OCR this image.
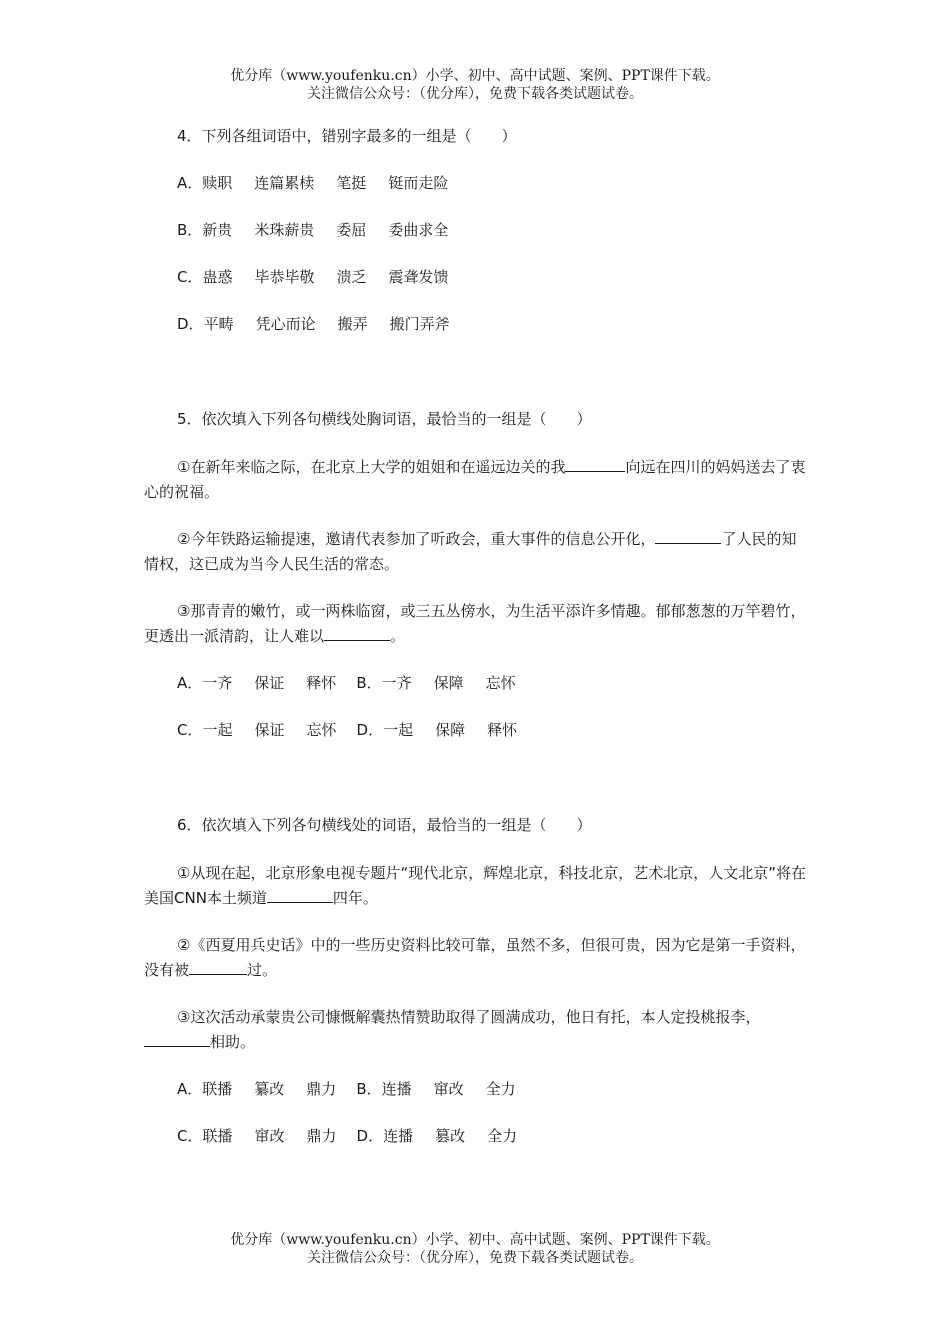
优分库（www.youfenku.cn）小学、初中、高中试题、案例、PPT课件下载。
关注微信公众号：（优分库），免费下载各类试题试卷。
4．下列各组词语中，错别字最多的一组是（　　）
A．赎职 连篇累椟 笔挺 铤而走险
B．新贵 米珠薪贵 委屈 委曲求全
C．蛊惑 毕恭毕敬 溃乏 震聋发馈
D．平畴 凭心而论 搬弄 搬门弄斧
5．依次填入下列各句横线处胸词语，最恰当的一组是（　　）
①在新年来临之际，在北京上大学的姐姐和在遥远边关的我	向远在四川的妈妈送去了衷心的祝福。
②今年铁路运输提速，邀请代表参加了听政会，重大事件的信息公开化，	了人民的知情权，这已成为当今人民生活的常态。
③那青青的嫩竹，或一两株临窗，或三五丛傍水，为生活平添许多情趣。郁郁葱葱的万竿碧竹，更透出一派清韵，让人难以	。
A．一齐 保证 释怀 B．一齐 保障 忘怀
C．一起 保证 忘怀 D．一起 保障 释怀
6．依次填入下列各句横线处的词语，最恰当的一组是（　　）
①从现在起，北京形象电视专题片“现代北京，辉煌北京，科技北京，艺术北京，人文北京”将在美国CNN本土频道	四年。
②《西夏用兵史话》中的一些历史资料比较可靠，虽然不多，但很可贵，因为它是第一手资料，没有被	过。
③这次活动承蒙贵公司慷慨解囊热情赞助取得了圆满成功，他日有托，本人定投桃报李，相助。
A．联播 纂改 鼎力 B．连播 窜改 全力
C．联播 窜改 鼎力 D．连播 篡改 全力
优分库（www.youfenku.cn）小学、初中、高中试题、案例、PPT课件下载。
关注微信公众号：（优分库），免费下载各类试题试卷。
